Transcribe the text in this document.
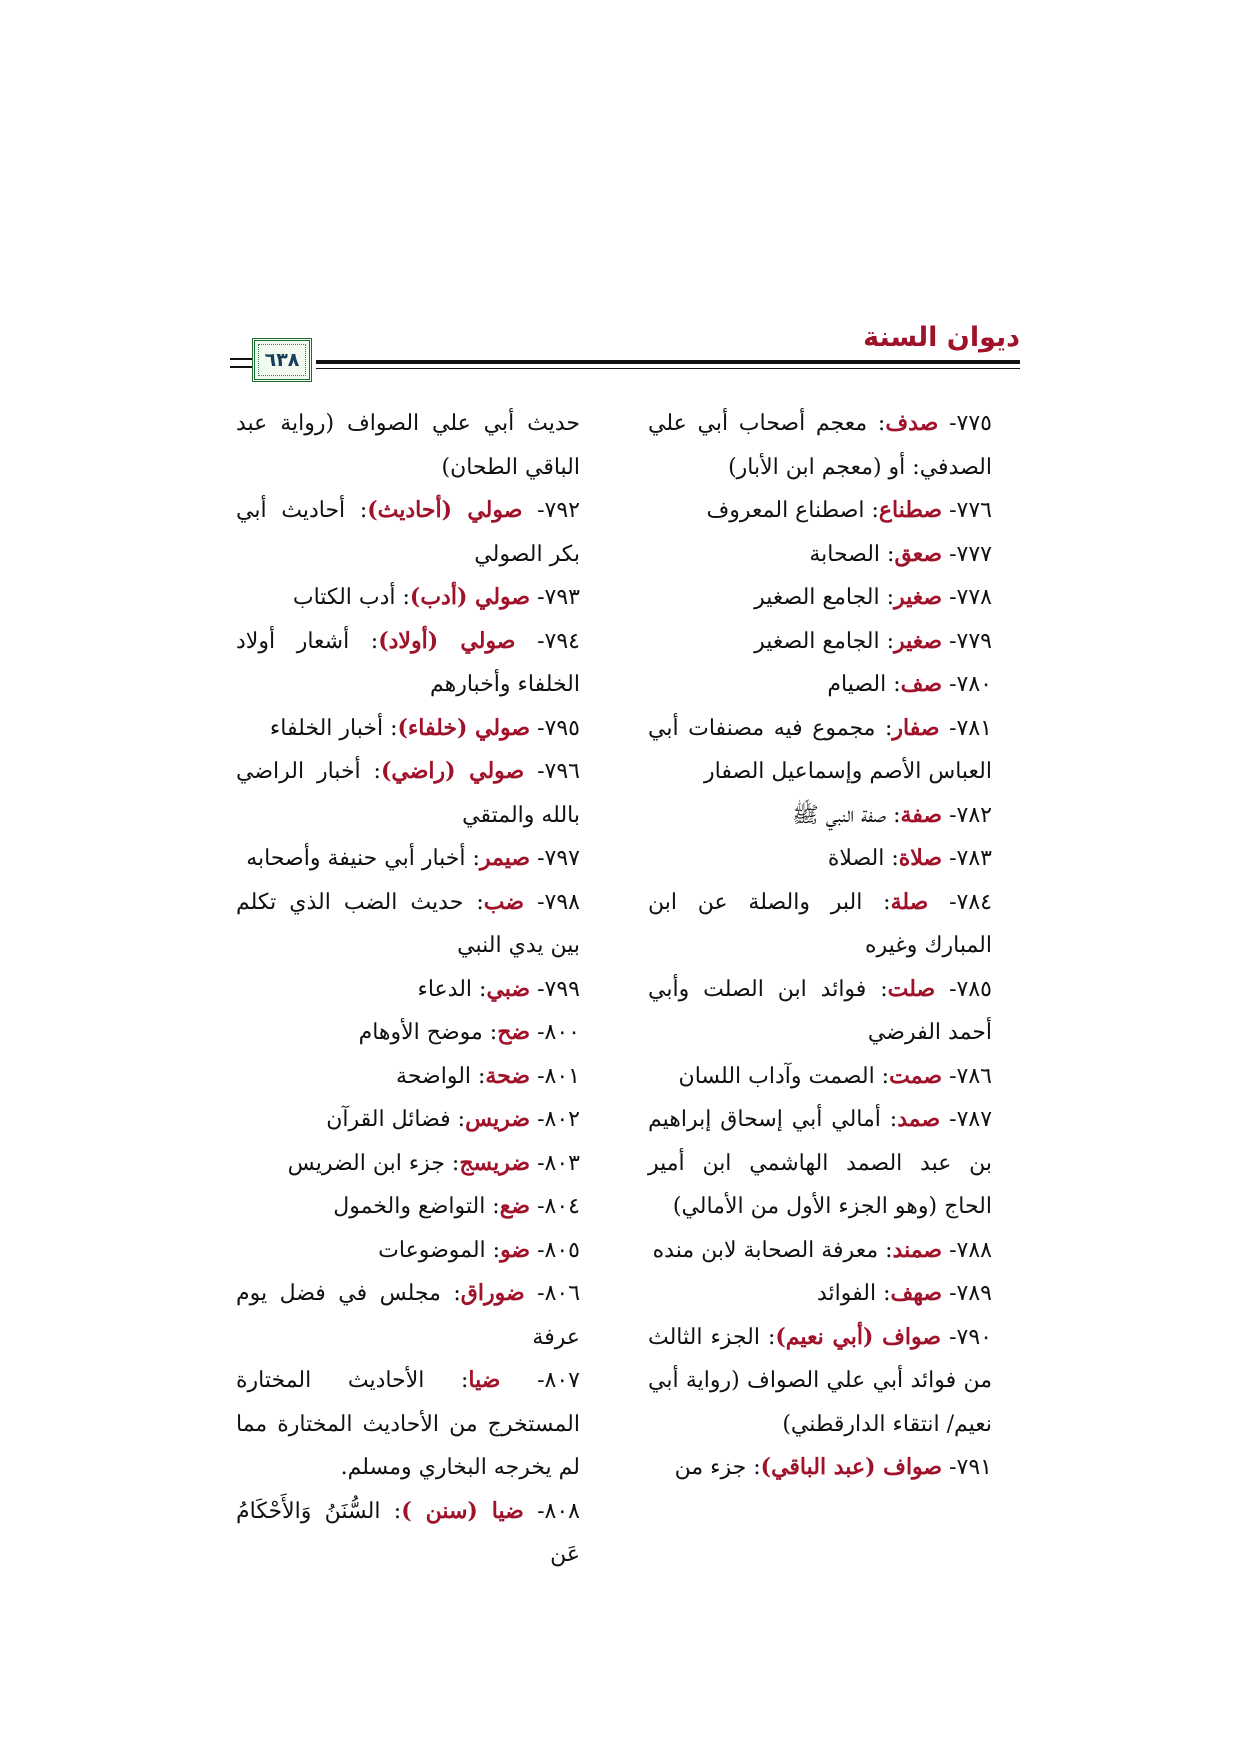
ديوان السنة
٦٣٨

٧٧٥- صدف: معجم أصحاب أبي علي الصدفي: أو (معجم ابن الأبار)

٧٧٦- صطناع: اصطناع المعروف

٧٧٧- صعق: الصحابة

٧٧٨- صغير: الجامع الصغير

٧٧٩- صغير: الجامع الصغير

٧٨٠- صف: الصيام

٧٨١- صفار: مجموع فيه مصنفات أبي العباس الأصم وإسماعيل الصفار

٧٨٢- صفة: صفة النبي ﷺ

٧٨٣- صلاة: الصلاة

٧٨٤- صلة: البر والصلة عن ابن المبارك وغيره

٧٨٥- صلت: فوائد ابن الصلت وأبي أحمد الفرضي

٧٨٦- صمت: الصمت وآداب اللسان

٧٨٧- صمد: أمالي أبي إسحاق إبراهيم بن عبد الصمد الهاشمي ابن أمير الحاج (وهو الجزء الأول من الأمالي)

٧٨٨- صمند: معرفة الصحابة لابن منده

٧٨٩- صهف: الفوائد

٧٩٠- صواف (أبي نعيم): الجزء الثالث من فوائد أبي علي الصواف (رواية أبي نعيم/ انتقاء الدارقطني)

٧٩١- صواف (عبد الباقي): جزء من

حديث أبي علي الصواف (رواية عبد الباقي الطحان)

٧٩٢- صولي (أحاديث): أحاديث أبي بكر الصولي

٧٩٣- صولي (أدب): أدب الكتاب

٧٩٤- صولي (أولاد): أشعار أولاد الخلفاء وأخبارهم

٧٩٥- صولي (خلفاء): أخبار الخلفاء

٧٩٦- صولي (راضي): أخبار الراضي بالله والمتقي

٧٩٧- صيمر: أخبار أبي حنيفة وأصحابه

٧٩٨- ضب: حديث الضب الذي تكلم بين يدي النبي

٧٩٩- ضبي: الدعاء

٨٠٠- ضح: موضح الأوهام

٨٠١- ضحة: الواضحة

٨٠٢- ضريس: فضائل القرآن

٨٠٣- ضريسج: جزء ابن الضريس

٨٠٤- ضع: التواضع والخمول

٨٠٥- ضو: الموضوعات

٨٠٦- ضوراق: مجلس في فضل يوم عرفة

٨٠٧- ضيا: الأحاديث المختارة المستخرج من الأحاديث المختارة مما لم يخرجه البخاري ومسلم.

٨٠٨- ضيا (سنن ): السُّنَنُ وَالأَحْكَامُ عَن
